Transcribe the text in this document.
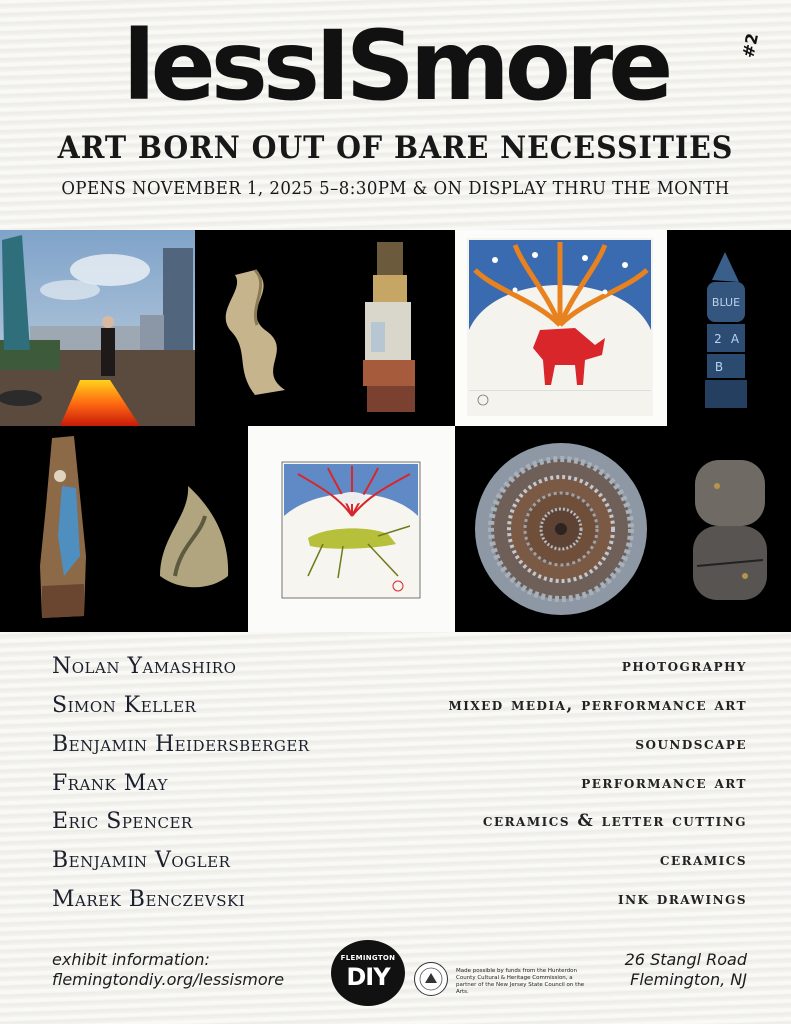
lessISmore	#2
ART BORN OUT OF BARE NECESSITIES
OPENS NOVEMBER 1, 2025 5–8:30PM & ON DISPLAY THRU THE MONTH
BLUE
2 A
B
Nolan Yamashiro	photography
Simon Keller	mixed media, performance art
Benjamin Heidersberger	soundscape
Frank May	performance art
Eric Spencer	ceramics & letter cutting
Benjamin Vogler	ceramics
Marek Benczevski	ink drawings
exhibit information:
flemingtondiy.org/lessismore
FLEMINGTON
DIY	Made possible by funds from the Hunterdon County Cultural & Heritage Commission, a partner of the New Jersey State Council on the Arts.
26 Stangl Road
Flemington, NJ
